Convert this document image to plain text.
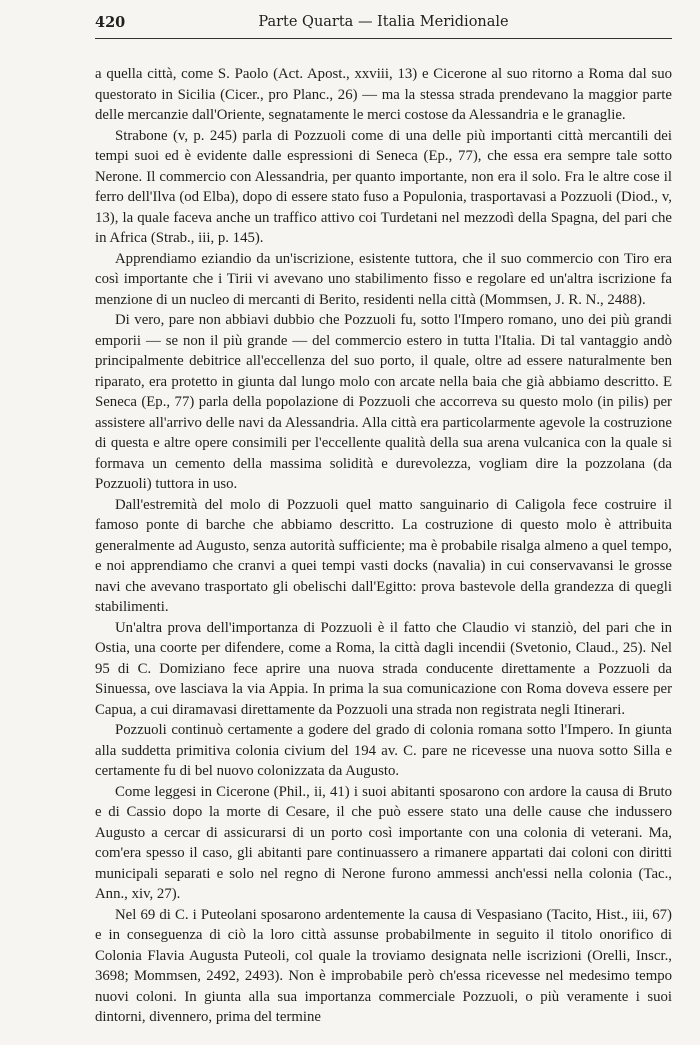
420	Parte Quarta — Italia Meridionale

a quella città, come S. Paolo (Act. Apost., xxviii, 13) e Cicerone al suo ritorno a Roma dal suo questorato in Sicilia (Cicer., pro Planc., 26) — ma la stessa strada prendevano la maggior parte delle mercanzie dall'Oriente, segnatamente le merci costose da Alessandria e le granaglie.

Strabone (v, p. 245) parla di Pozzuoli come di una delle più importanti città mercantili dei tempi suoi ed è evidente dalle espressioni di Seneca (Ep., 77), che essa era sempre tale sotto Nerone. Il commercio con Alessandria, per quanto importante, non era il solo. Fra le altre cose il ferro dell'Ilva (od Elba), dopo di essere stato fuso a Populonia, trasportavasi a Pozzuoli (Diod., v, 13), la quale faceva anche un traffico attivo coi Turdetani nel mezzodì della Spagna, del pari che in Africa (Strab., iii, p. 145).

Apprendiamo eziandio da un'iscrizione, esistente tuttora, che il suo commercio con Tiro era così importante che i Tirii vi avevano uno stabilimento fisso e regolare ed un'altra iscrizione fa menzione di un nucleo di mercanti di Berito, residenti nella città (Mommsen, J. R. N., 2488).

Di vero, pare non abbiavi dubbio che Pozzuoli fu, sotto l'Impero romano, uno dei più grandi emporii — se non il più grande — del commercio estero in tutta l'Italia. Di tal vantaggio andò principalmente debitrice all'eccellenza del suo porto, il quale, oltre ad essere naturalmente ben riparato, era protetto in giunta dal lungo molo con arcate nella baia che già abbiamo descritto. E Seneca (Ep., 77) parla della popolazione di Pozzuoli che accorreva su questo molo (in pilis) per assistere all'arrivo delle navi da Alessandria. Alla città era particolarmente agevole la costruzione di questa e altre opere consimili per l'eccellente qualità della sua arena vulcanica con la quale si formava un cemento della massima solidità e durevolezza, vogliam dire la pozzolana (da Pozzuoli) tuttora in uso.

Dall'estremità del molo di Pozzuoli quel matto sanguinario di Caligola fece costruire il famoso ponte di barche che abbiamo descritto. La costruzione di questo molo è attribuita generalmente ad Augusto, senza autorità sufficiente; ma è probabile risalga almeno a quel tempo, e noi apprendiamo che cranvi a quei tempi vasti docks (navalia) in cui conservavansi le grosse navi che avevano trasportato gli obelischi dall'Egitto: prova bastevole della grandezza di quegli stabilimenti.

Un'altra prova dell'importanza di Pozzuoli è il fatto che Claudio vi stanziò, del pari che in Ostia, una coorte per difendere, come a Roma, la città dagli incendii (Svetonio, Claud., 25). Nel 95 di C. Domiziano fece aprire una nuova strada conducente direttamente a Pozzuoli da Sinuessa, ove lasciava la via Appia. In prima la sua comunicazione con Roma doveva essere per Capua, a cui diramavasi direttamente da Pozzuoli una strada non registrata negli Itinerari.

Pozzuoli continuò certamente a godere del grado di colonia romana sotto l'Impero. In giunta alla suddetta primitiva colonia civium del 194 av. C. pare ne ricevesse una nuova sotto Silla e certamente fu di bel nuovo colonizzata da Augusto.

Come leggesi in Cicerone (Phil., ii, 41) i suoi abitanti sposarono con ardore la causa di Bruto e di Cassio dopo la morte di Cesare, il che può essere stato una delle cause che indussero Augusto a cercar di assicurarsi di un porto così importante con una colonia di veterani. Ma, com'era spesso il caso, gli abitanti pare continuassero a rimanere appartati dai coloni con diritti municipali separati e solo nel regno di Nerone furono ammessi anch'essi nella colonia (Tac., Ann., xiv, 27).

Nel 69 di C. i Puteolani sposarono ardentemente la causa di Vespasiano (Tacito, Hist., iii, 67) e in conseguenza di ciò la loro città assunse probabilmente in seguito il titolo onorifico di Colonia Flavia Augusta Puteoli, col quale la troviamo designata nelle iscrizioni (Orelli, Inscr., 3698; Mommsen, 2492, 2493). Non è improbabile però ch'essa ricevesse nel medesimo tempo nuovi coloni. In giunta alla sua importanza commerciale Pozzuoli, o più veramente i suoi dintorni, divennero, prima del termine
